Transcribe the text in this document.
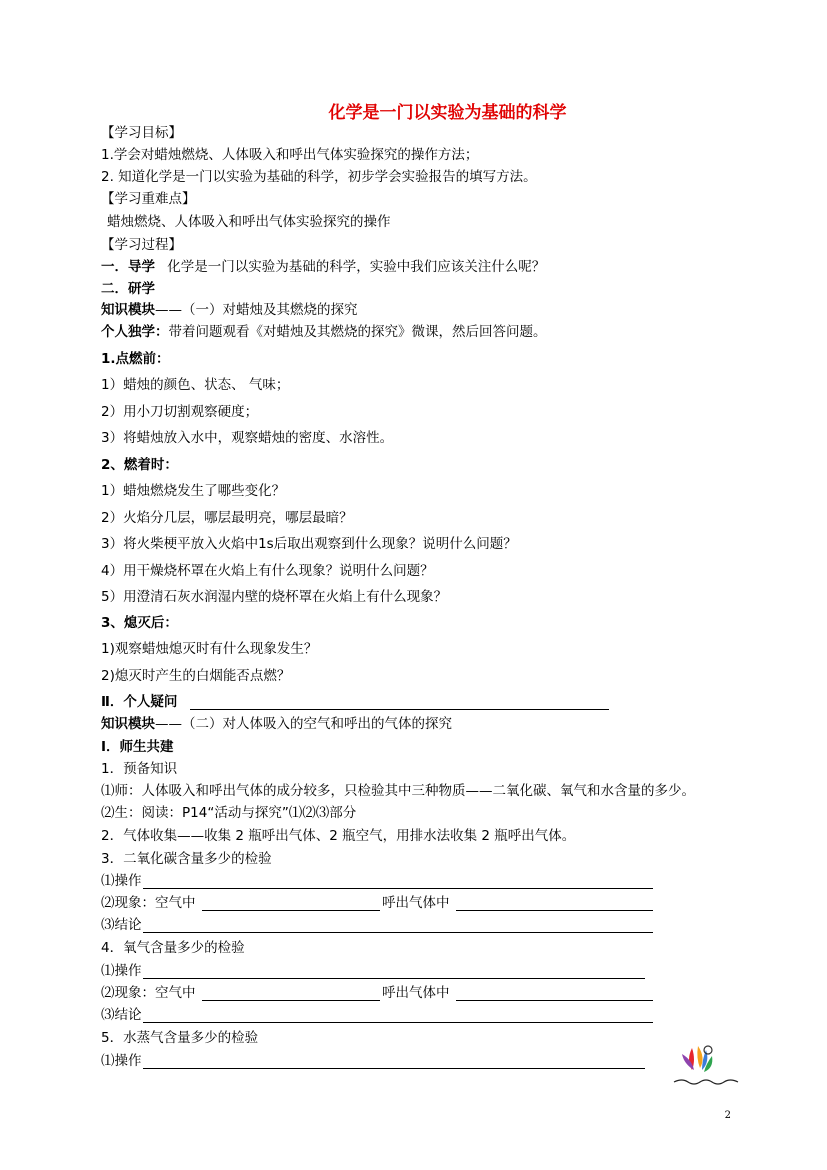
化学是一门以实验为基础的科学
【学习目标】
1.学会对蜡烛燃烧、人体吸入和呼出气体实验探究的操作方法；
2. 知道化学是一门以实验为基础的科学，初步学会实验报告的填写方法。
【学习重难点】
蜡烛燃烧、人体吸入和呼出气体实验探究的操作
【学习过程】
一．导学 化学是一门以实验为基础的科学，实验中我们应该关注什么呢？
二．研学
知识模块——（一）对蜡烛及其燃烧的探究
个人独学：带着问题观看《对蜡烛及其燃烧的探究》微课，然后回答问题。
1.点燃前：
1）蜡烛的颜色、状态、 气味；
2）用小刀切割观察硬度；
3）将蜡烛放入水中，观察蜡烛的密度、水溶性。
2、燃着时：
1）蜡烛燃烧发生了哪些变化？
2）火焰分几层，哪层最明亮，哪层最暗？
3）将火柴梗平放入火焰中1s后取出观察到什么现象？说明什么问题？
4）用干燥烧杯罩在火焰上有什么现象？说明什么问题？
5）用澄清石灰水润湿内壁的烧杯罩在火焰上有什么现象？
3、熄灭后：
1)观察蜡烛熄灭时有什么现象发生？
2)熄灭时产生的白烟能否点燃？
Ⅱ．个人疑问
知识模块——（二）对人体吸入的空气和呼出的气体的探究
Ⅰ．师生共建
1．预备知识
⑴师：人体吸入和呼出气体的成分较多，只检验其中三种物质——二氧化碳、氧气和水含量的多少。
⑵生：阅读：P14“活动与探究”⑴⑵⑶部分
2．气体收集——收集 2 瓶呼出气体、2 瓶空气，用排水法收集 2 瓶呼出气体。
3．二氧化碳含量多少的检验
⑴操作
⑵现象：空气中	呼出气体中
⑶结论
4．氧气含量多少的检验
⑴操作
⑵现象：空气中	呼出气体中
⑶结论
5．水蒸气含量多少的检验
⑴操作
2
